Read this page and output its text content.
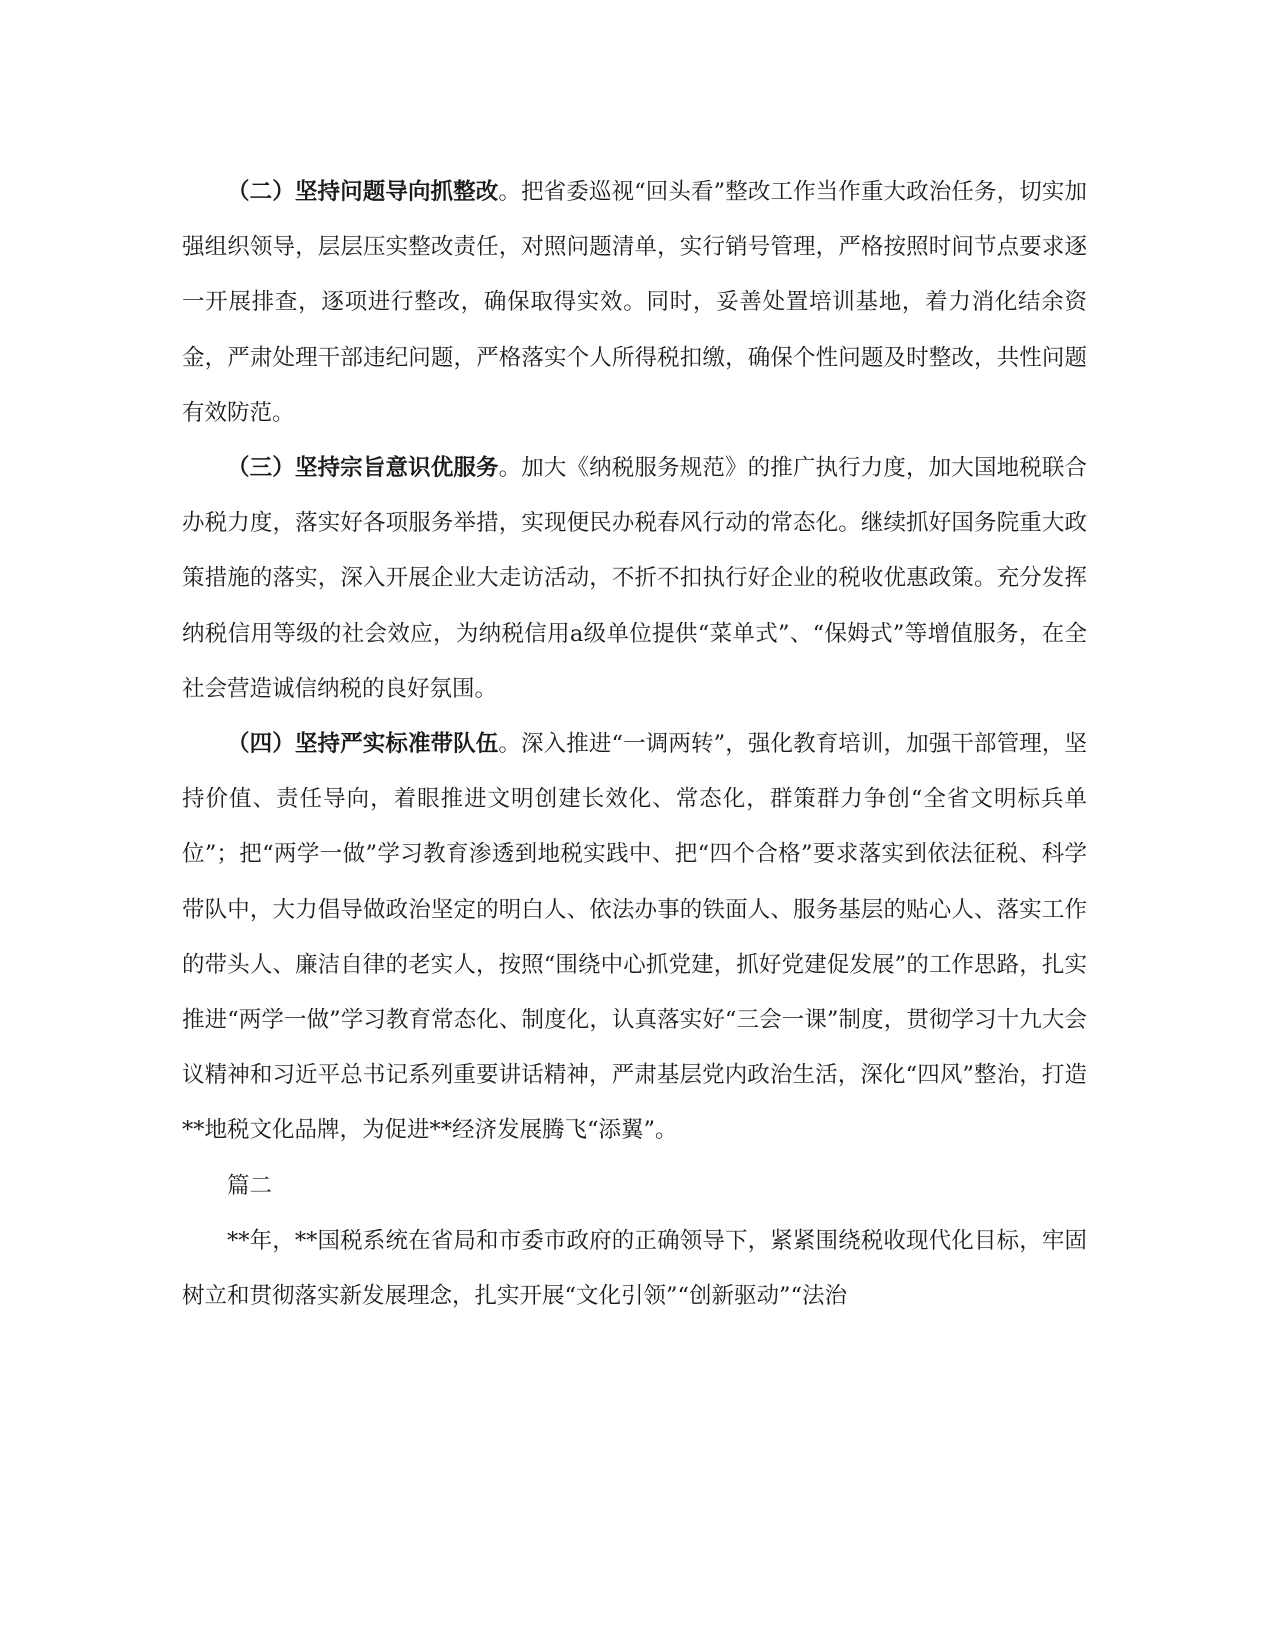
（二）坚持问题导向抓整改。把省委巡视“回头看”整改工作当作重大政治任务，切实加强组织领导，层层压实整改责任，对照问题清单，实行销号管理，严格按照时间节点要求逐一开展排查，逐项进行整改，确保取得实效。同时，妥善处置培训基地，着力消化结余资金，严肃处理干部违纪问题，严格落实个人所得税扣缴，确保个性问题及时整改，共性问题有效防范。

（三）坚持宗旨意识优服务。加大《纳税服务规范》的推广执行力度，加大国地税联合办税力度，落实好各项服务举措，实现便民办税春风行动的常态化。继续抓好国务院重大政策措施的落实，深入开展企业大走访活动，不折不扣执行好企业的税收优惠政策。充分发挥纳税信用等级的社会效应，为纳税信用a级单位提供“菜单式”、“保姆式”等增值服务，在全社会营造诚信纳税的良好氛围。

（四）坚持严实标准带队伍。深入推进“一调两转”，强化教育培训，加强干部管理，坚持价值、责任导向，着眼推进文明创建长效化、常态化，群策群力争创“全省文明标兵单位”；把“两学一做”学习教育渗透到地税实践中、把“四个合格”要求落实到依法征税、科学带队中，大力倡导做政治坚定的明白人、依法办事的铁面人、服务基层的贴心人、落实工作的带头人、廉洁自律的老实人，按照“围绕中心抓党建，抓好党建促发展”的工作思路，扎实推进“两学一做”学习教育常态化、制度化，认真落实好“三会一课”制度，贯彻学习十九大会议精神和习近平总书记系列重要讲话精神，严肃基层党内政治生活，深化“四风”整治，打造**地税文化品牌，为促进**经济发展腾飞“添翼”。

篇二

**年，**国税系统在省局和市委市政府的正确领导下，紧紧围绕税收现代化目标，牢固树立和贯彻落实新发展理念，扎实开展“文化引领”“创新驱动”“法治
